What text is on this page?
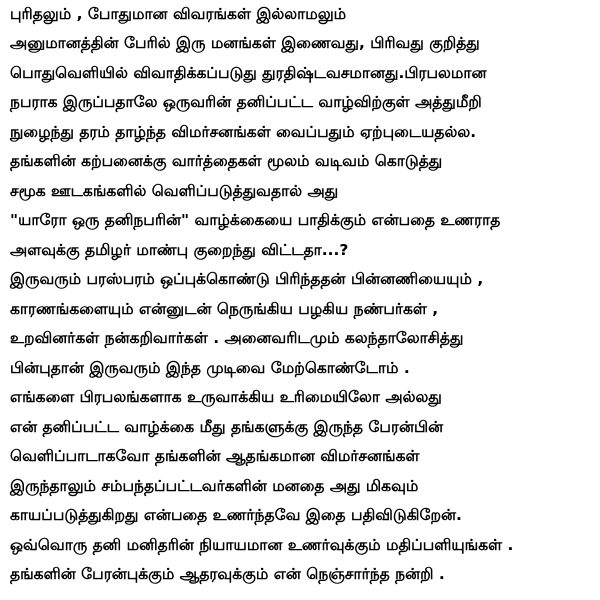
புரிதலும் , போதுமான விவரங்கள் இல்லாமலும்
அனுமானத்தின் பேரில் இரு மனங்கள் இணைவது, பிரிவது குறித்து
பொதுவெளியில் விவாதிக்கப்படுது துரதிஷ்டவசமானது.பிரபலமான
நபராக இருப்பதாலே ஒருவரின் தனிப்பட்ட வாழ்விற்குள் அத்துமீறி
நுழைந்து தரம் தாழ்ந்த விமர்சனங்கள் வைப்பதும் ஏற்புடையதல்ல.
தங்களின் கற்பனைக்கு வார்த்தைகள் மூலம் வடிவம் கொடுத்து
சமூக ஊடகங்களில் வெளிப்படுத்துவதால் அது
"யாரோ ஒரு தனிநபரின்" வாழ்க்கையை பாதிக்கும் என்பதை உணராத
அளவுக்கு தமிழர் மாண்பு குறைந்து விட்டதா...?
இருவரும் பரஸ்பரம் ஒப்புக்கொண்டு பிரிந்ததன் பின்னணியையும் ,
காரணங்களையும் என்னுடன் நெருங்கிய பழகிய நண்பர்கள் ,
உறவினர்கள் நன்கறிவார்கள் . அனைவரிடமும் கலந்தாலோசித்து
பின்புதான் இருவரும் இந்த முடிவை மேற்கொண்டோம் .
எங்களை பிரபலங்களாக உருவாக்கிய உரிமையிலோ அல்லது
என் தனிப்பட்ட வாழ்க்கை மீது தங்களுக்கு இருந்த பேரன்பின்
வெளிப்பாடாகவோ தங்களின் ஆதங்கமான விமர்சனங்கள்
இருந்தாலும் சம்பந்தப்பட்டவர்களின் மனதை அது மிகவும்
காயப்படுத்துகிறது என்பதை உணர்ந்தவே இதை பதிவிடுகிறேன்.
ஒவ்வொரு தனி மனிதரின் நியாயமான உணர்வுக்கும் மதிப்பளியுங்கள் .
தங்களின் பேரன்புக்கும் ஆதரவுக்கும் என் நெஞ்சார்ந்த நன்றி .
